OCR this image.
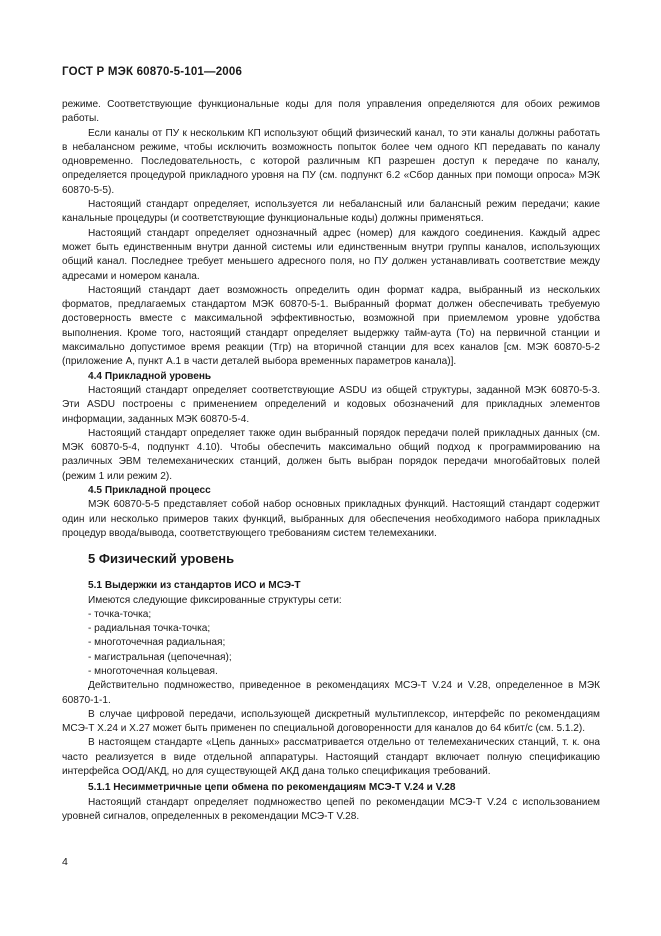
ГОСТ Р МЭК 60870-5-101—2006

режиме. Соответствующие функциональные коды для поля управления определяются для обоих режимов работы.

Если каналы от ПУ к нескольким КП используют общий физический канал, то эти каналы должны работать в небалансном режиме, чтобы исключить возможность попыток более чем одного КП передавать по каналу одновременно. Последовательность, с которой различным КП разрешен доступ к передаче по каналу, определяется процедурой прикладного уровня на ПУ (см. подпункт 6.2 «Сбор данных при помощи опроса» МЭК 60870-5-5).

Настоящий стандарт определяет, используется ли небалансный или балансный режим передачи; какие канальные процедуры (и соответствующие функциональные коды) должны применяться.

Настоящий стандарт определяет однозначный адрес (номер) для каждого соединения. Каждый адрес может быть единственным внутри данной системы или единственным внутри группы каналов, использующих общий канал. Последнее требует меньшего адресного поля, но ПУ должен устанавливать соответствие между адресами и номером канала.

Настоящий стандарт дает возможность определить один формат кадра, выбранный из нескольких форматов, предлагаемых стандартом МЭК 60870-5-1. Выбранный формат должен обеспечивать требуемую достоверность вместе с максимальной эффективностью, возможной при приемлемом уровне удобства выполнения. Кроме того, настоящий стандарт определяет выдержку тайм-аута (Tо) на первичной станции и максимально допустимое время реакции (Tгр) на вторичной станции для всех каналов [см. МЭК 60870-5-2 (приложение А, пункт А.1 в части деталей выбора временных параметров канала)].

4.4 Прикладной уровень

Настоящий стандарт определяет соответствующие ASDU из общей структуры, заданной МЭК 60870-5-3. Эти ASDU построены с применением определений и кодовых обозначений для прикладных элементов информации, заданных МЭК 60870-5-4.

Настоящий стандарт определяет также один выбранный порядок передачи полей прикладных данных (см. МЭК 60870-5-4, подпункт 4.10). Чтобы обеспечить максимально общий подход к программированию на различных ЭВМ телемеханических станций, должен быть выбран порядок передачи многобайтовых полей (режим 1 или режим 2).

4.5 Прикладной процесс

МЭК 60870-5-5 представляет собой набор основных прикладных функций. Настоящий стандарт содержит один или несколько примеров таких функций, выбранных для обеспечения необходимого набора прикладных процедур ввода/вывода, соответствующего требованиям систем телемеханики.

5 Физический уровень
5.1 Выдержки из стандартов ИСО и МСЭ-Т

Имеются следующие фиксированные структуры сети:

- точка-точка;

- радиальная точка-точка;

- многоточечная радиальная;

- магистральная (цепочечная);

- многоточечная кольцевая.

Действительно подмножество, приведенное в рекомендациях МСЭ-Т V.24 и V.28, определенное в МЭК 60870-1-1.

В случае цифровой передачи, использующей дискретный мультиплексор, интерфейс по рекомендациям МСЭ-Т X.24 и X.27 может быть применен по специальной договоренности для каналов до 64 кбит/с (см. 5.1.2).

В настоящем стандарте «Цепь данных» рассматривается отдельно от телемеханических станций, т. к. она часто реализуется в виде отдельной аппаратуры. Настоящий стандарт включает полную спецификацию интерфейса ООД/АКД, но для существующей АКД дана только спецификация требований.

5.1.1 Несимметричные цепи обмена по рекомендациям МСЭ-Т V.24 и V.28

Настоящий стандарт определяет подмножество цепей по рекомендации МСЭ-Т V.24 с использованием уровней сигналов, определенных в рекомендации МСЭ-Т V.28.

4
